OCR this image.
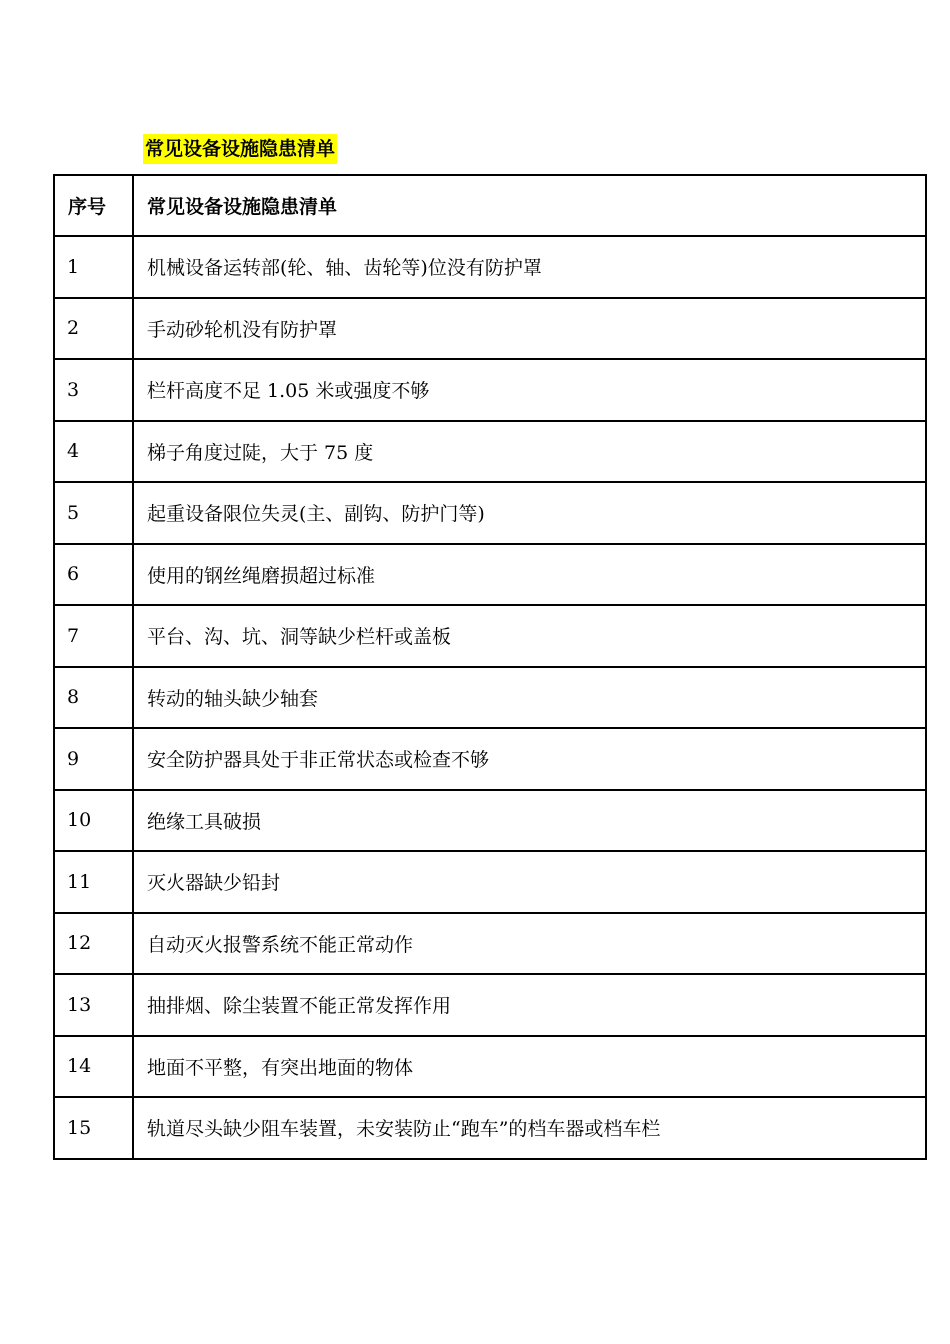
常见设备设施隐患清单
序号	常见设备设施隐患清单
1	机械设备运转部(轮、轴、齿轮等)位没有防护罩
2	手动砂轮机没有防护罩
3	栏杆高度不足 1.05 米或强度不够
4	梯子角度过陡，大于 75 度
5	起重设备限位失灵(主、副钩、防护门等)
6	使用的钢丝绳磨损超过标准
7	平台、沟、坑、洞等缺少栏杆或盖板
8	转动的轴头缺少轴套
9	安全防护器具处于非正常状态或检查不够
10	绝缘工具破损
11	灭火器缺少铅封
12	自动灭火报警系统不能正常动作
13	抽排烟、除尘装置不能正常发挥作用
14	地面不平整，有突出地面的物体
15	轨道尽头缺少阻车装置，未安装防止“跑车”的档车器或档车栏
